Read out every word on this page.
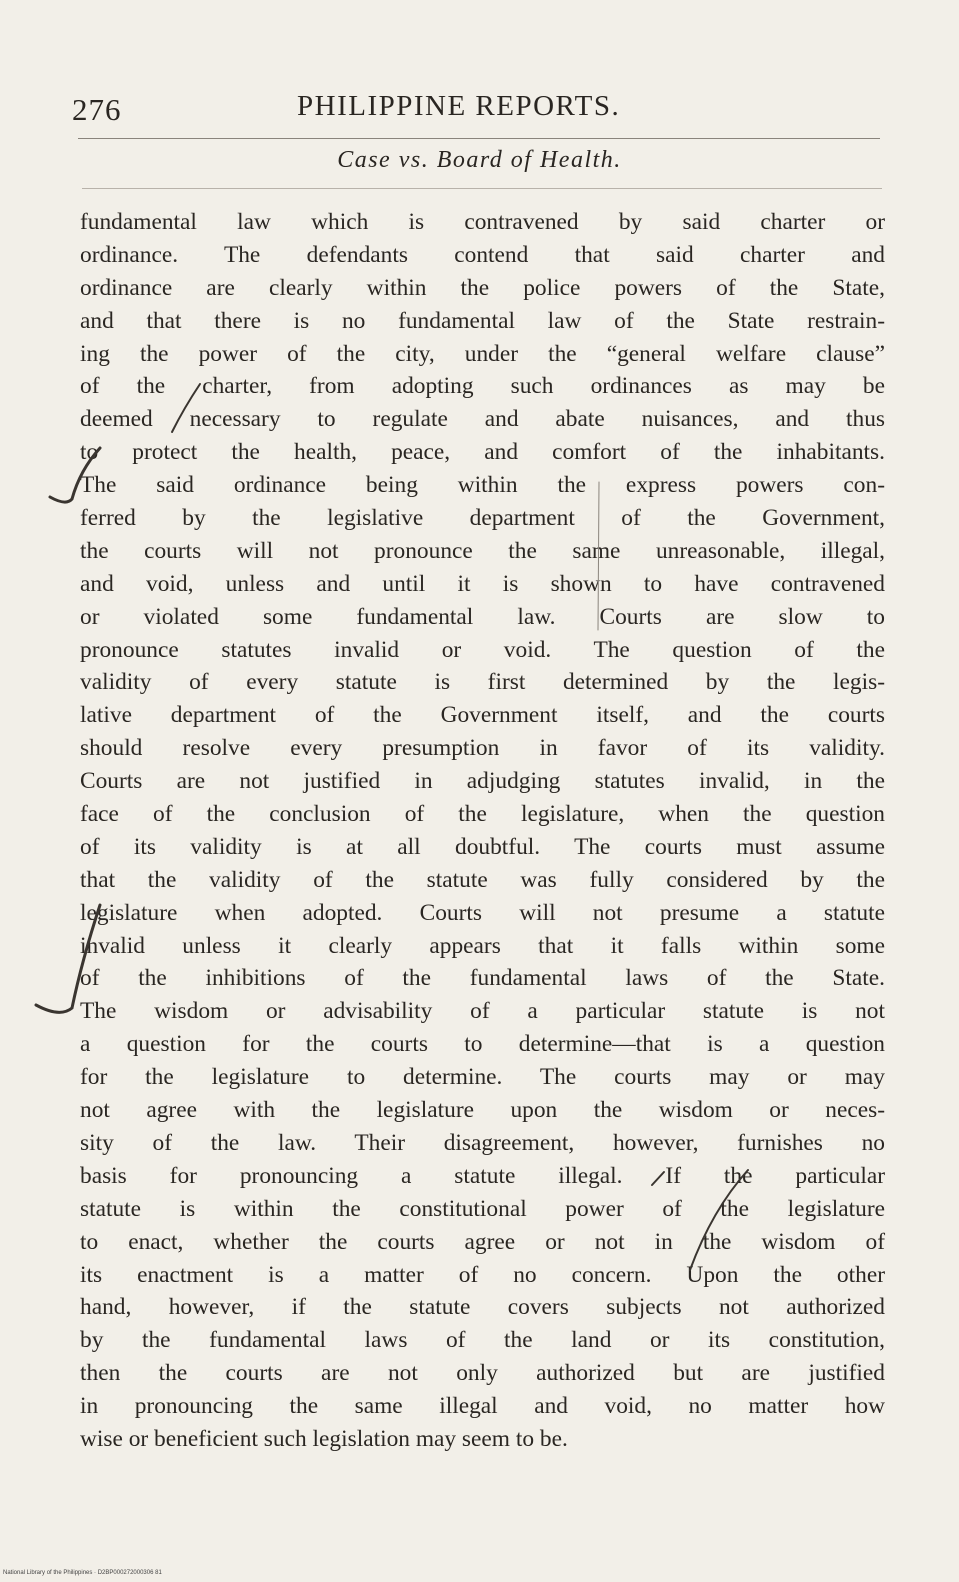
276	PHILIPPINE REPORTS.
Case vs. Board of Health.
fundamental law which is contravened by said charter or
ordinance. The defendants contend that said charter and
ordinance are clearly within the police powers of the State,
and that there is no fundamental law of the State restrain-
ing the power of the city, under the “general welfare clause”
of the charter, from adopting such ordinances as may be
deemed necessary to regulate and abate nuisances, and thus
to protect the health, peace, and comfort of the inhabitants.
The said ordinance being within the express powers con-
ferred by the legislative department of the Government,
the courts will not pronounce the same unreasonable, illegal,
and void, unless and until it is shown to have contravened
or violated some fundamental law. Courts are slow to
pronounce statutes invalid or void. The question of the
validity of every statute is first determined by the legis-
lative department of the Government itself, and the courts
should resolve every presumption in favor of its validity.
Courts are not justified in adjudging statutes invalid, in the
face of the conclusion of the legislature, when the question
of its validity is at all doubtful. The courts must assume
that the validity of the statute was fully considered by the
legislature when adopted. Courts will not presume a statute
invalid unless it clearly appears that it falls within some
of the inhibitions of the fundamental laws of the State.
The wisdom or advisability of a particular statute is not
a question for the courts to determine—that is a question
for the legislature to determine. The courts may or may
not agree with the legislature upon the wisdom or neces-
sity of the law. Their disagreement, however, furnishes no
basis for pronouncing a statute illegal. If the particular
statute is within the constitutional power of the legislature
to enact, whether the courts agree or not in the wisdom of
its enactment is a matter of no concern. Upon the other
hand, however, if the statute covers subjects not authorized
by the fundamental laws of the land or its constitution,
then the courts are not only authorized but are justified
in pronouncing the same illegal and void, no matter how
wise or beneficient such legislation may seem to be.
National Library of the Philippines · D2BP000272000306 81
